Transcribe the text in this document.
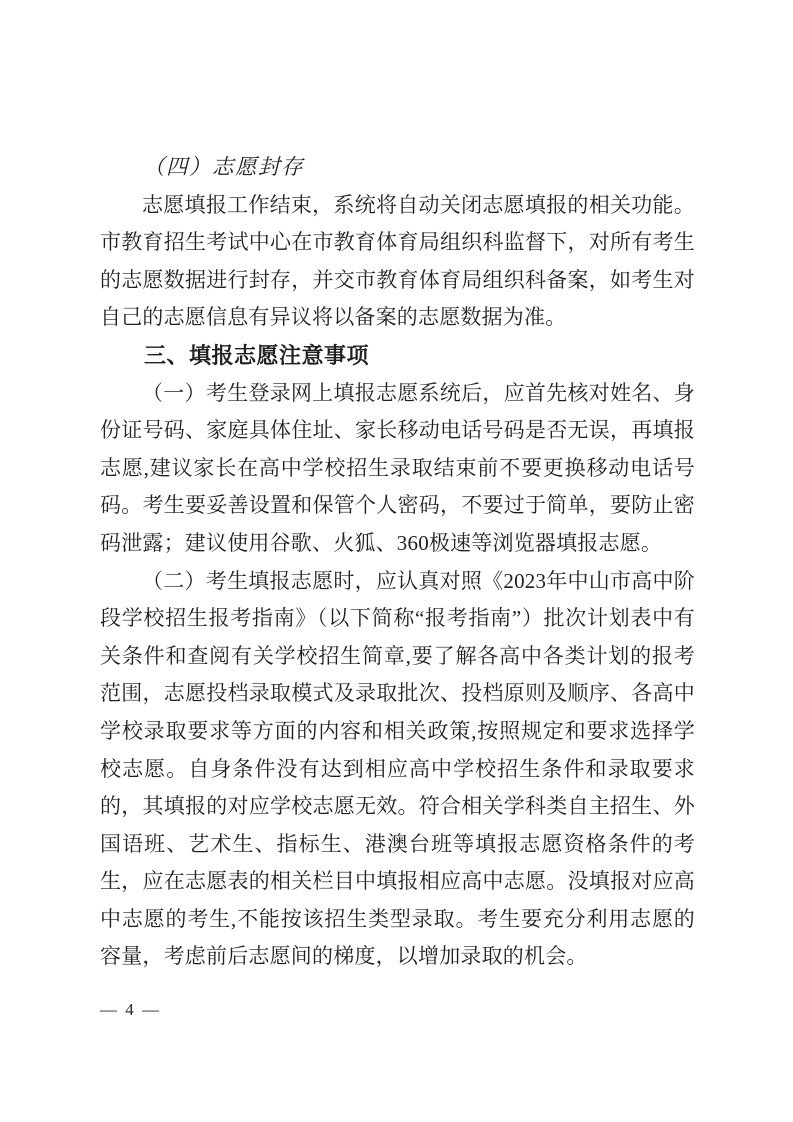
（四）志愿封存

志愿填报工作结束，系统将自动关闭志愿填报的相关功能。市教育招生考试中心在市教育体育局组织科监督下，对所有考生的志愿数据进行封存，并交市教育体育局组织科备案，如考生对自己的志愿信息有异议将以备案的志愿数据为准。

三、填报志愿注意事项

（一）考生登录网上填报志愿系统后，应首先核对姓名、身份证号码、家庭具体住址、家长移动电话号码是否无误，再填报志愿,建议家长在高中学校招生录取结束前不要更换移动电话号码。考生要妥善设置和保管个人密码，不要过于简单，要防止密码泄露；建议使用谷歌、火狐、360极速等浏览器填报志愿。

（二）考生填报志愿时，应认真对照《2023年中山市高中阶段学校招生报考指南》（以下简称“报考指南”）批次计划表中有关条件和查阅有关学校招生简章,要了解各高中各类计划的报考范围，志愿投档录取模式及录取批次、投档原则及顺序、各高中学校录取要求等方面的内容和相关政策,按照规定和要求选择学校志愿。自身条件没有达到相应高中学校招生条件和录取要求的，其填报的对应学校志愿无效。符合相关学科类自主招生、外国语班、艺术生、指标生、港澳台班等填报志愿资格条件的考生，应在志愿表的相关栏目中填报相应高中志愿。没填报对应高中志愿的考生,不能按该招生类型录取。考生要充分利用志愿的容量，考虑前后志愿间的梯度，以增加录取的机会。

— 4 —
